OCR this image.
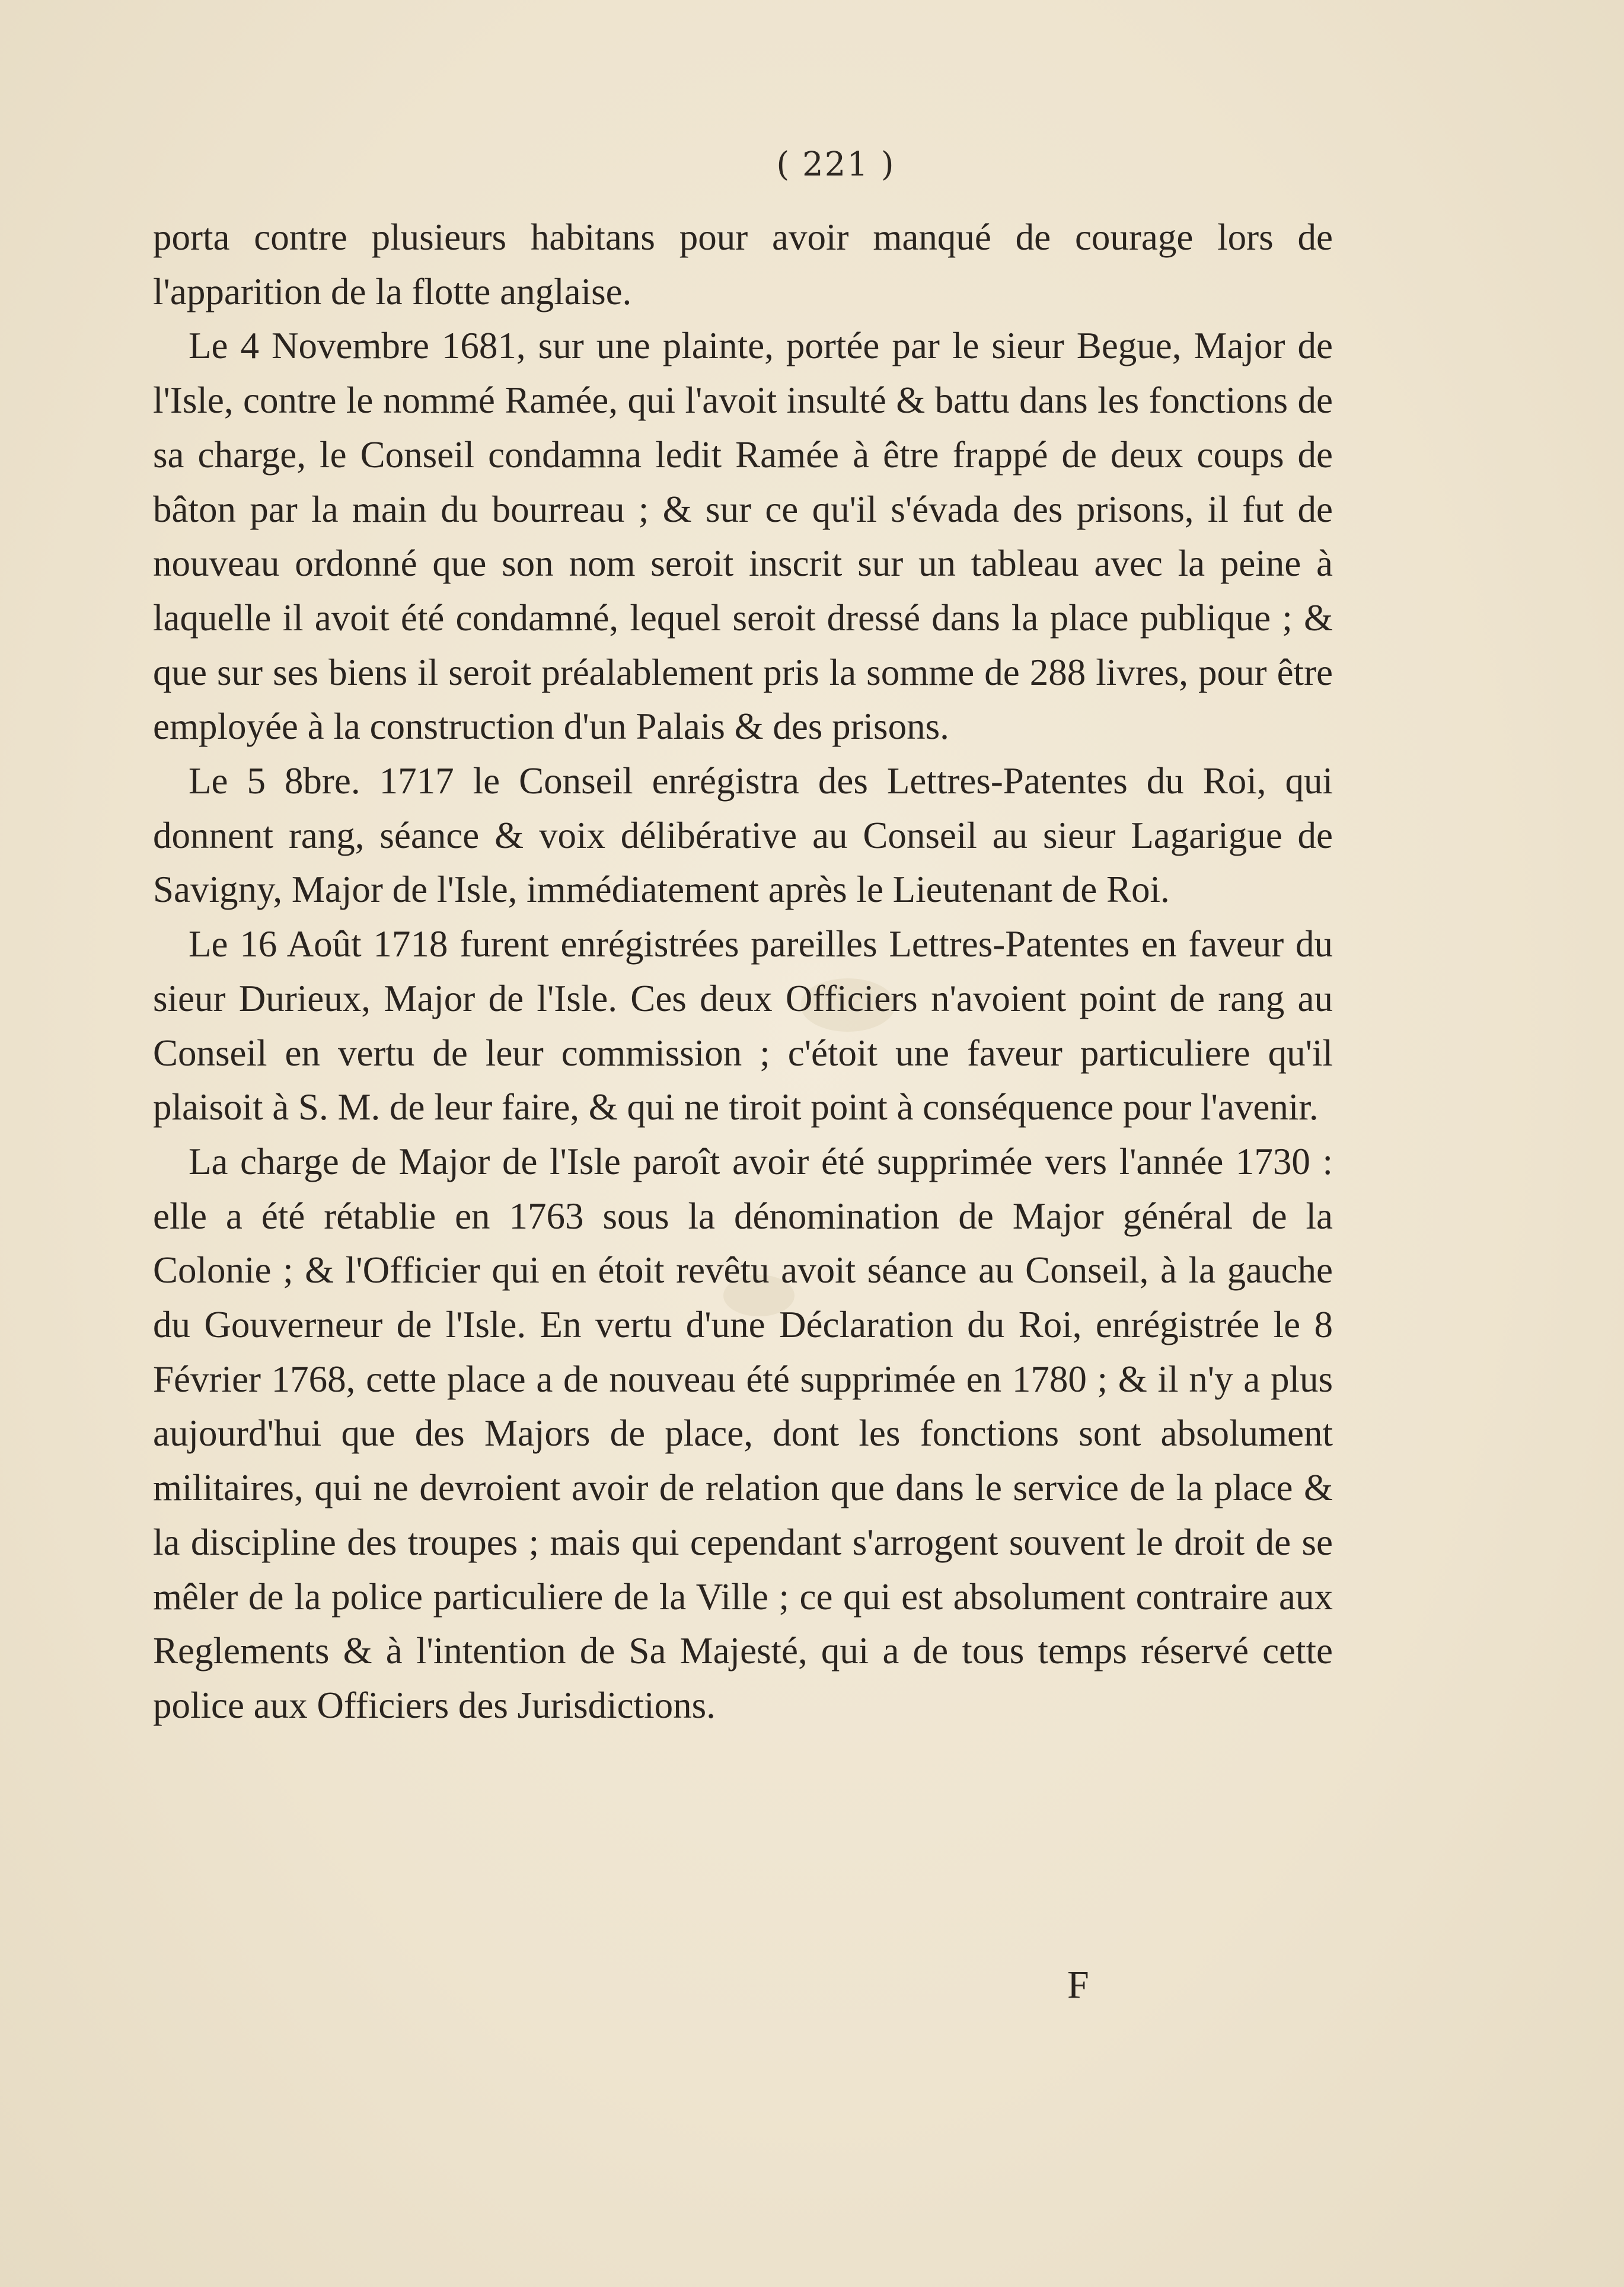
( 221 )

porta contre plusieurs habitans pour avoir manqué de courage lors de l'apparition de la flotte anglaise.

Le 4 Novembre 1681, sur une plainte, portée par le sieur Begue, Major de l'Isle, contre le nommé Ramée, qui l'avoit insulté & battu dans les fonctions de sa charge, le Conseil condamna ledit Ramée à être frappé de deux coups de bâton par la main du bourreau ; & sur ce qu'il s'évada des prisons, il fut de nouveau ordonné que son nom seroit inscrit sur un tableau avec la peine à laquelle il avoit été condamné, lequel seroit dressé dans la place publique ; & que sur ses biens il seroit préalablement pris la somme de 288 livres, pour être employée à la construction d'un Palais & des prisons.

Le 5 8bre. 1717 le Conseil enrégistra des Lettres-Patentes du Roi, qui donnent rang, séance & voix délibérative au Conseil au sieur Lagarigue de Savigny, Major de l'Isle, immédiatement après le Lieutenant de Roi.

Le 16 Août 1718 furent enrégistrées pareilles Lettres-Patentes en faveur du sieur Durieux, Major de l'Isle. Ces deux Officiers n'avoient point de rang au Conseil en vertu de leur commission ; c'étoit une faveur particuliere qu'il plaisoit à S. M. de leur faire, & qui ne tiroit point à conséquence pour l'avenir.

La charge de Major de l'Isle paroît avoir été supprimée vers l'année 1730 : elle a été rétablie en 1763 sous la dénomination de Major général de la Colonie ; & l'Officier qui en étoit revêtu avoit séance au Conseil, à la gauche du Gouverneur de l'Isle. En vertu d'une Déclaration du Roi, enrégistrée le 8 Février 1768, cette place a de nouveau été supprimée en 1780 ; & il n'y a plus aujourd'hui que des Majors de place, dont les fonctions sont absolument militaires, qui ne devroient avoir de relation que dans le service de la place & la discipline des troupes ; mais qui cependant s'arrogent souvent le droit de se mêler de la police particuliere de la Ville ; ce qui est absolument contraire aux Reglements & à l'intention de Sa Majesté, qui a de tous temps réservé cette police aux Officiers des Jurisdictions.

F
